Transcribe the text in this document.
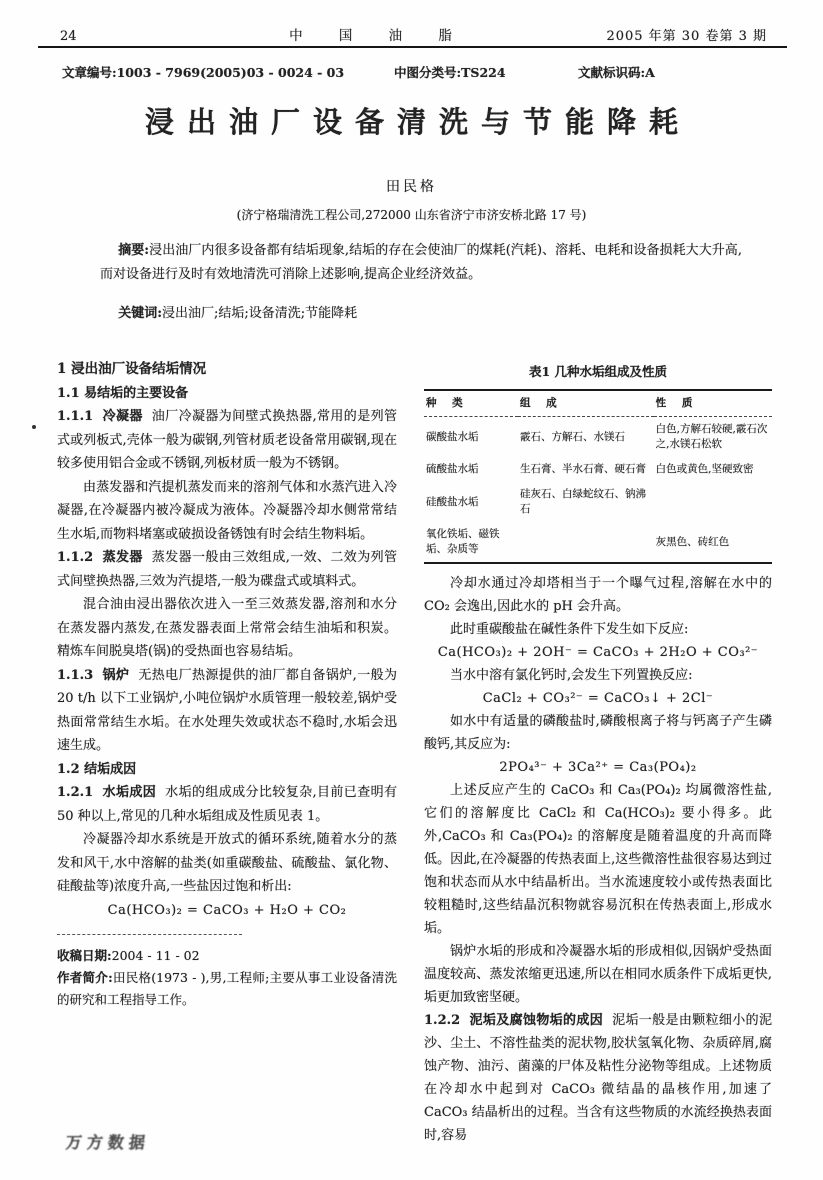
24	中 国 油 脂	2005 年第 30 卷第 3 期
文章编号:1003 - 7969(2005)03 - 0024 - 03	中图分类号:TS224	文献标识码:A
浸出油厂设备清洗与节能降耗
田民格
(济宁格瑞清洗工程公司,272000 山东省济宁市济安桥北路 17 号)
摘要:浸出油厂内很多设备都有结垢现象,结垢的存在会使油厂的煤耗(汽耗)、溶耗、电耗和设备损耗大大升高,而对设备进行及时有效地清洗可消除上述影响,提高企业经济效益。
关键词:浸出油厂;结垢;设备清洗;节能降耗

1 浸出油厂设备结垢情况

1.1 易结垢的主要设备

1.1.1 冷凝器 油厂冷凝器为间壁式换热器,常用的是列管式或列板式,壳体一般为碳钢,列管材质老设备常用碳钢,现在较多使用铝合金或不锈钢,列板材质一般为不锈钢。

由蒸发器和汽提机蒸发而来的溶剂气体和水蒸汽进入冷凝器,在冷凝器内被冷凝成为液体。冷凝器冷却水侧常常结生水垢,而物料堵塞或破损设备锈蚀有时会结生物料垢。

1.1.2 蒸发器 蒸发器一般由三效组成,一效、二效为列管式间壁换热器,三效为汽提塔,一般为碟盘式或填料式。

混合油由浸出器依次进入一至三效蒸发器,溶剂和水分在蒸发器内蒸发,在蒸发器表面上常常会结生油垢和积炭。精炼车间脱臭塔(锅)的受热面也容易结垢。

1.1.3 锅炉 无热电厂热源提供的油厂都自备锅炉,一般为 20 t/h 以下工业锅炉,小吨位锅炉水质管理一般较差,锅炉受热面常常结生水垢。在水处理失效或状态不稳时,水垢会迅速生成。

1.2 结垢成因

1.2.1 水垢成因 水垢的组成成分比较复杂,目前已查明有 50 种以上,常见的几种水垢组成及性质见表 1。

冷凝器冷却水系统是开放式的循环系统,随着水分的蒸发和风干,水中溶解的盐类(如重碳酸盐、硫酸盐、氯化物、硅酸盐等)浓度升高,一些盐因过饱和析出:

Ca(HCO₃)₂ = CaCO₃ + H₂O + CO₂

收稿日期:2004 - 11 - 02

作者简介:田民格(1973 - ),男,工程师;主要从事工业设备清洗的研究和工程指导工作。

万方数据
表1 几种水垢组成及性质
种 类	组 成	性 质
碳酸盐水垢	霰石、方解石、水镁石	白色,方解石较硬,霰石次之,水镁石松软
硫酸盐水垢	生石膏、半水石膏、硬石膏	白色或黄色,坚硬致密
硅酸盐水垢	硅灰石、白绿蛇纹石、钠沸石	
氧化铁垢、磁铁垢、杂质等		灰黑色、砖红色

冷却水通过冷却塔相当于一个曝气过程,溶解在水中的 CO₂ 会逸出,因此水的 pH 会升高。

此时重碳酸盐在碱性条件下发生如下反应:

Ca(HCO₃)₂ + 2OH⁻ = CaCO₃ + 2H₂O + CO₃²⁻

当水中溶有氯化钙时,会发生下列置换反应:

CaCl₂ + CO₃²⁻ = CaCO₃↓ + 2Cl⁻

如水中有适量的磷酸盐时,磷酸根离子将与钙离子产生磷酸钙,其反应为:

2PO₄³⁻ + 3Ca²⁺ = Ca₃(PO₄)₂

上述反应产生的 CaCO₃ 和 Ca₃(PO₄)₂ 均属微溶性盐,它们的溶解度比 CaCl₂ 和 Ca(HCO₃)₂ 要小得多。此外,CaCO₃ 和 Ca₃(PO₄)₂ 的溶解度是随着温度的升高而降低。因此,在冷凝器的传热表面上,这些微溶性盐很容易达到过饱和状态而从水中结晶析出。当水流速度较小或传热表面比较粗糙时,这些结晶沉积物就容易沉积在传热表面上,形成水垢。

锅炉水垢的形成和冷凝器水垢的形成相似,因锅炉受热面温度较高、蒸发浓缩更迅速,所以在相同水质条件下成垢更快,垢更加致密坚硬。

1.2.2 泥垢及腐蚀物垢的成因 泥垢一般是由颗粒细小的泥沙、尘土、不溶性盐类的泥状物,胶状氢氧化物、杂质碎屑,腐蚀产物、油污、菌藻的尸体及粘性分泌物等组成。上述物质在冷却水中起到对 CaCO₃ 微结晶的晶核作用,加速了 CaCO₃ 结晶析出的过程。当含有这些物质的水流经换热表面时,容易
